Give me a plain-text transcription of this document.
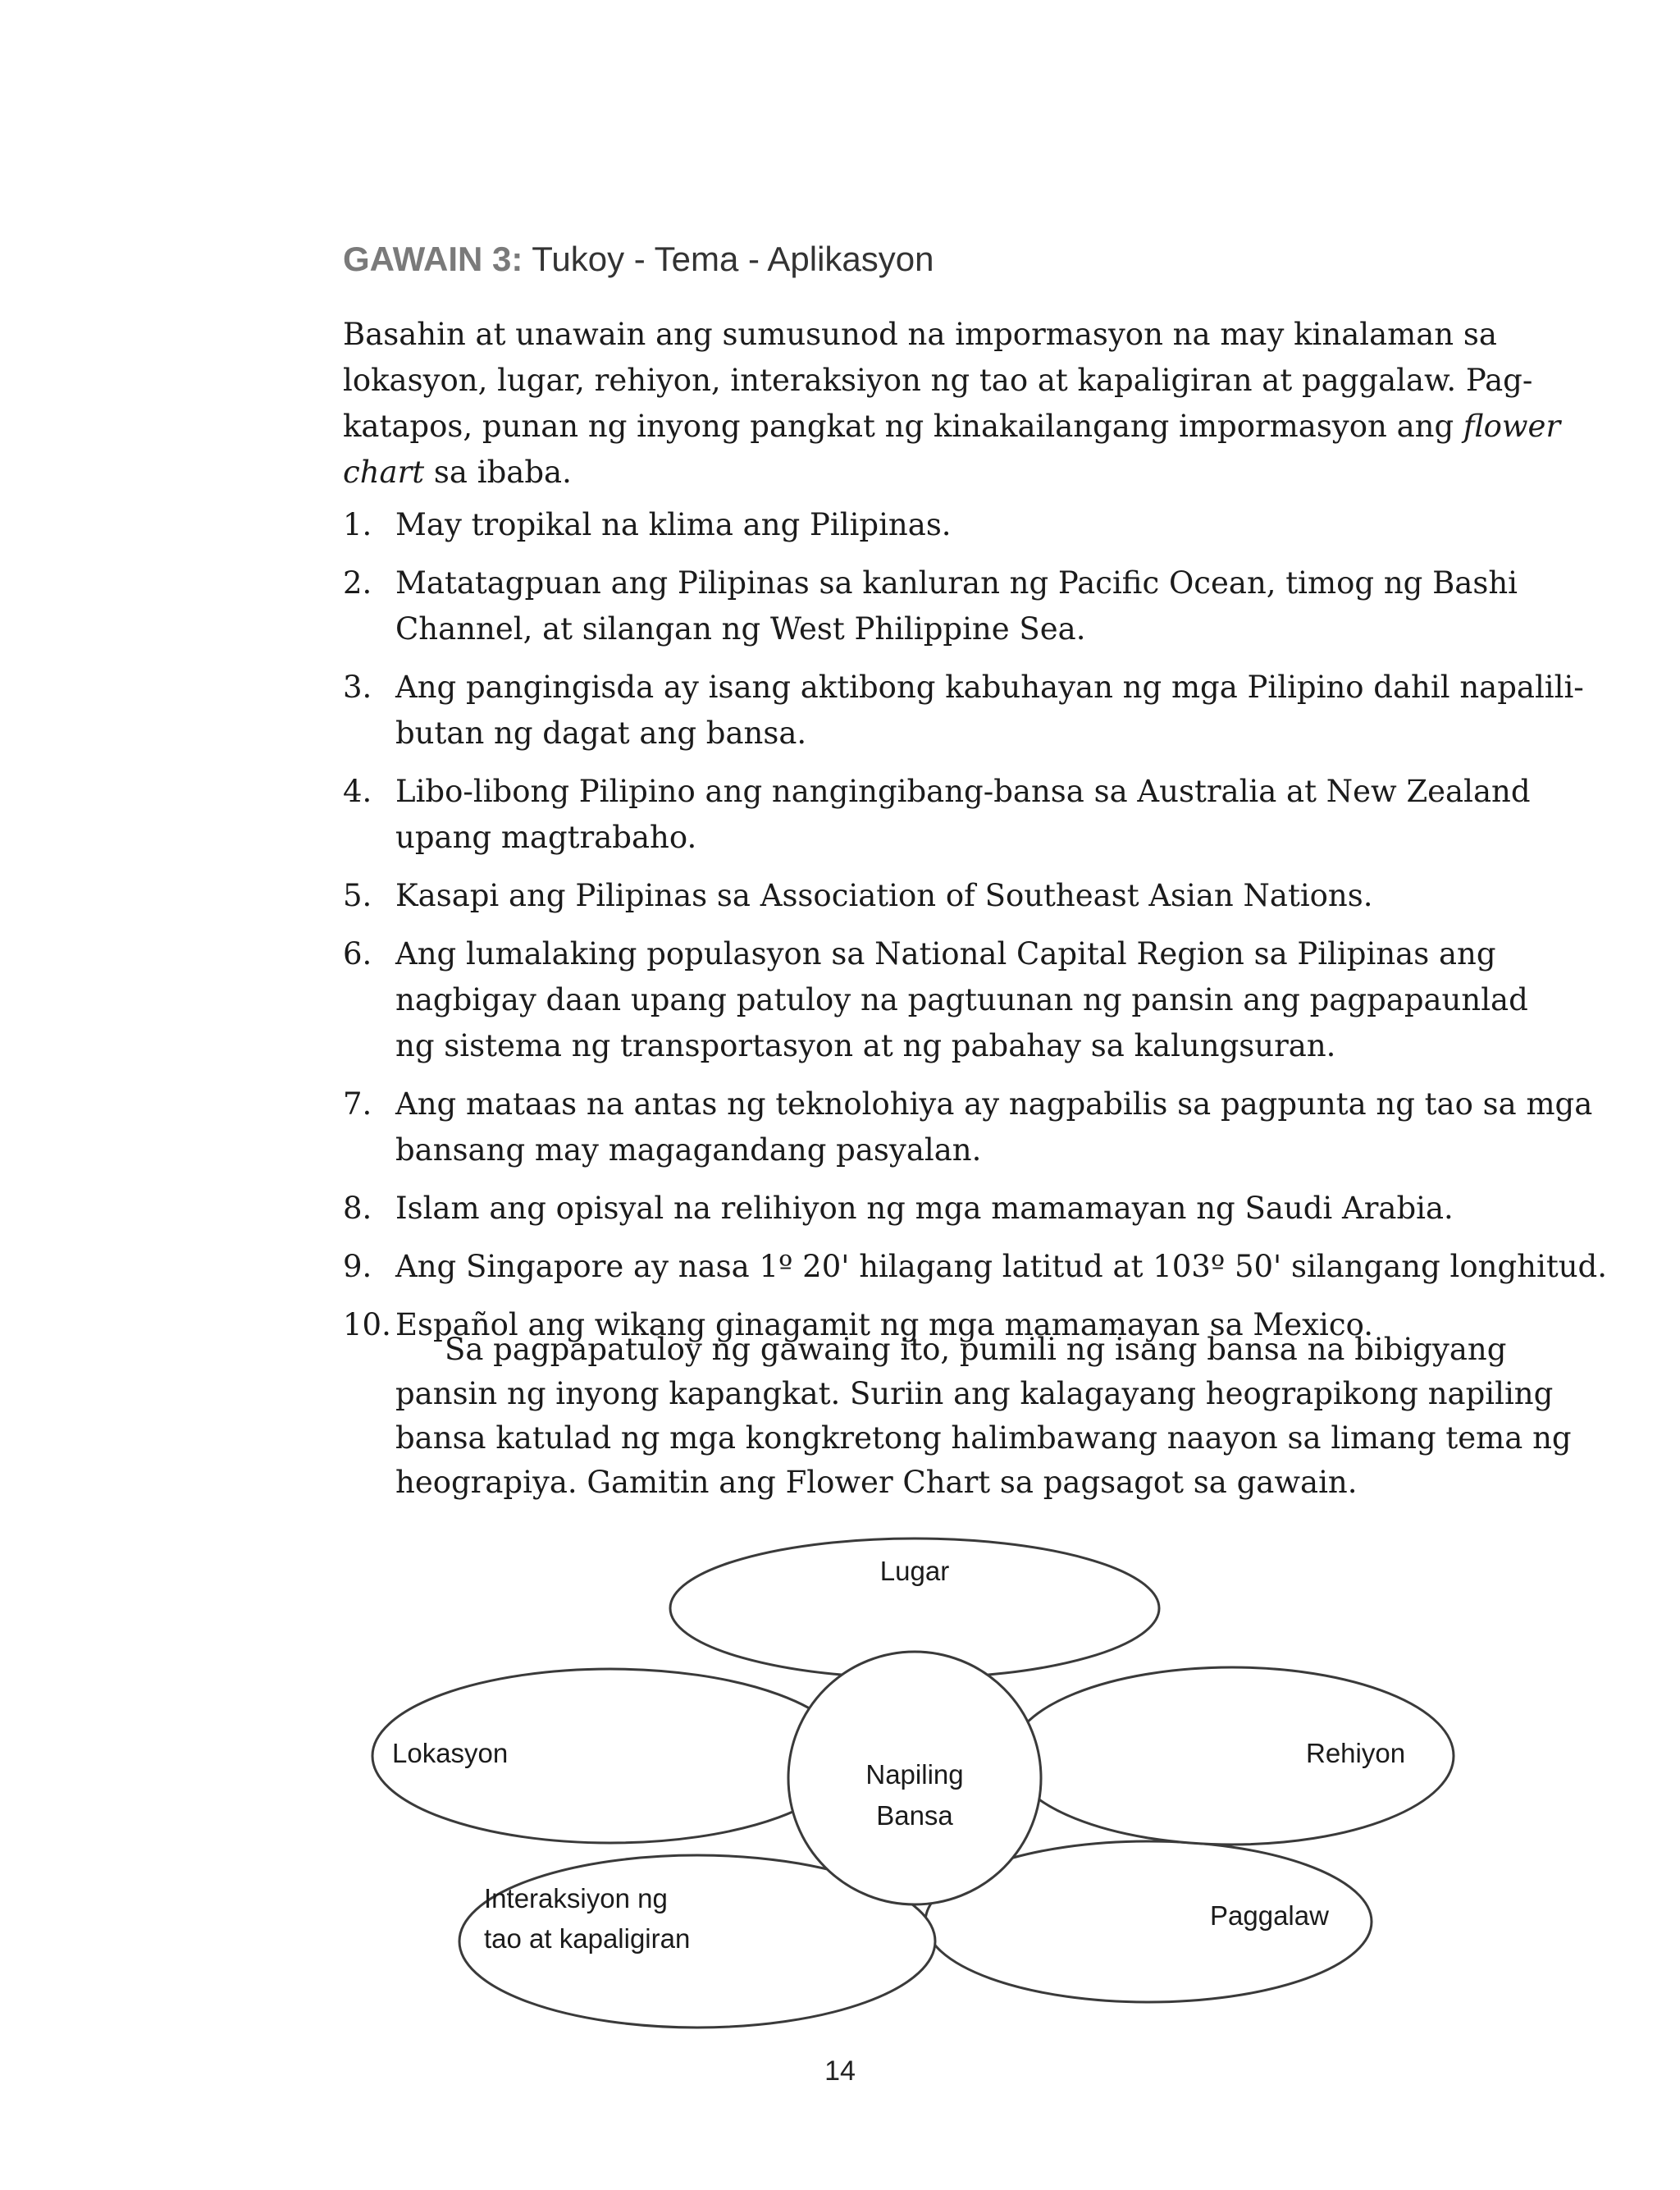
GAWAIN 3: Tukoy - Tema - Aplikasyon

Basahin at unawain ang sumusunod na impormasyon na may kinalaman sa
lokasyon, lugar, rehiyon, interaksiyon ng tao at kapaligiran at paggalaw. Pag-
katapos, punan ng inyong pangkat ng kinakailangang impormasyon ang flower
chart sa ibaba.

1. May tropikal na klima ang Pilipinas.
2. Matatagpuan ang Pilipinas sa kanluran ng Pacific Ocean, timog ng Bashi
Channel, at silangan ng West Philippine Sea.
3. Ang pangingisda ay isang aktibong kabuhayan ng mga Pilipino dahil napalili-
butan ng dagat ang bansa.
4. Libo-libong Pilipino ang nangingibang-bansa sa Australia at New Zealand
upang magtrabaho.
5. Kasapi ang Pilipinas sa Association of Southeast Asian Nations.
6. Ang lumalaking populasyon sa National Capital Region sa Pilipinas ang
nagbigay daan upang patuloy na pagtuunan ng pansin ang pagpapaunlad
ng sistema ng transportasyon at ng pabahay sa kalungsuran.
7. Ang mataas na antas ng teknolohiya ay nagpabilis sa pagpunta ng tao sa mga
bansang may magagandang pasyalan.
8. Islam ang opisyal na relihiyon ng mga mamamayan ng Saudi Arabia.
9. Ang Singapore ay nasa 1º 20' hilagang latitud at 103º 50' silangang longhitud.
10. Español ang wikang ginagamit ng mga mamamayan sa Mexico.

Sa pagpapatuloy ng gawaing ito, pumili ng isang bansa na bibigyang
pansin ng inyong kapangkat. Suriin ang kalagayang heograpikong napiling
bansa katulad ng mga kongkretong halimbawang naayon sa limang tema ng
heograpiya. Gamitin ang Flower Chart sa pagsagot sa gawain.

Lugar
Lokasyon	Rehiyon
Napiling
Bansa
Interaksiyon ng
tao at kapaligiran
Paggalaw
14
